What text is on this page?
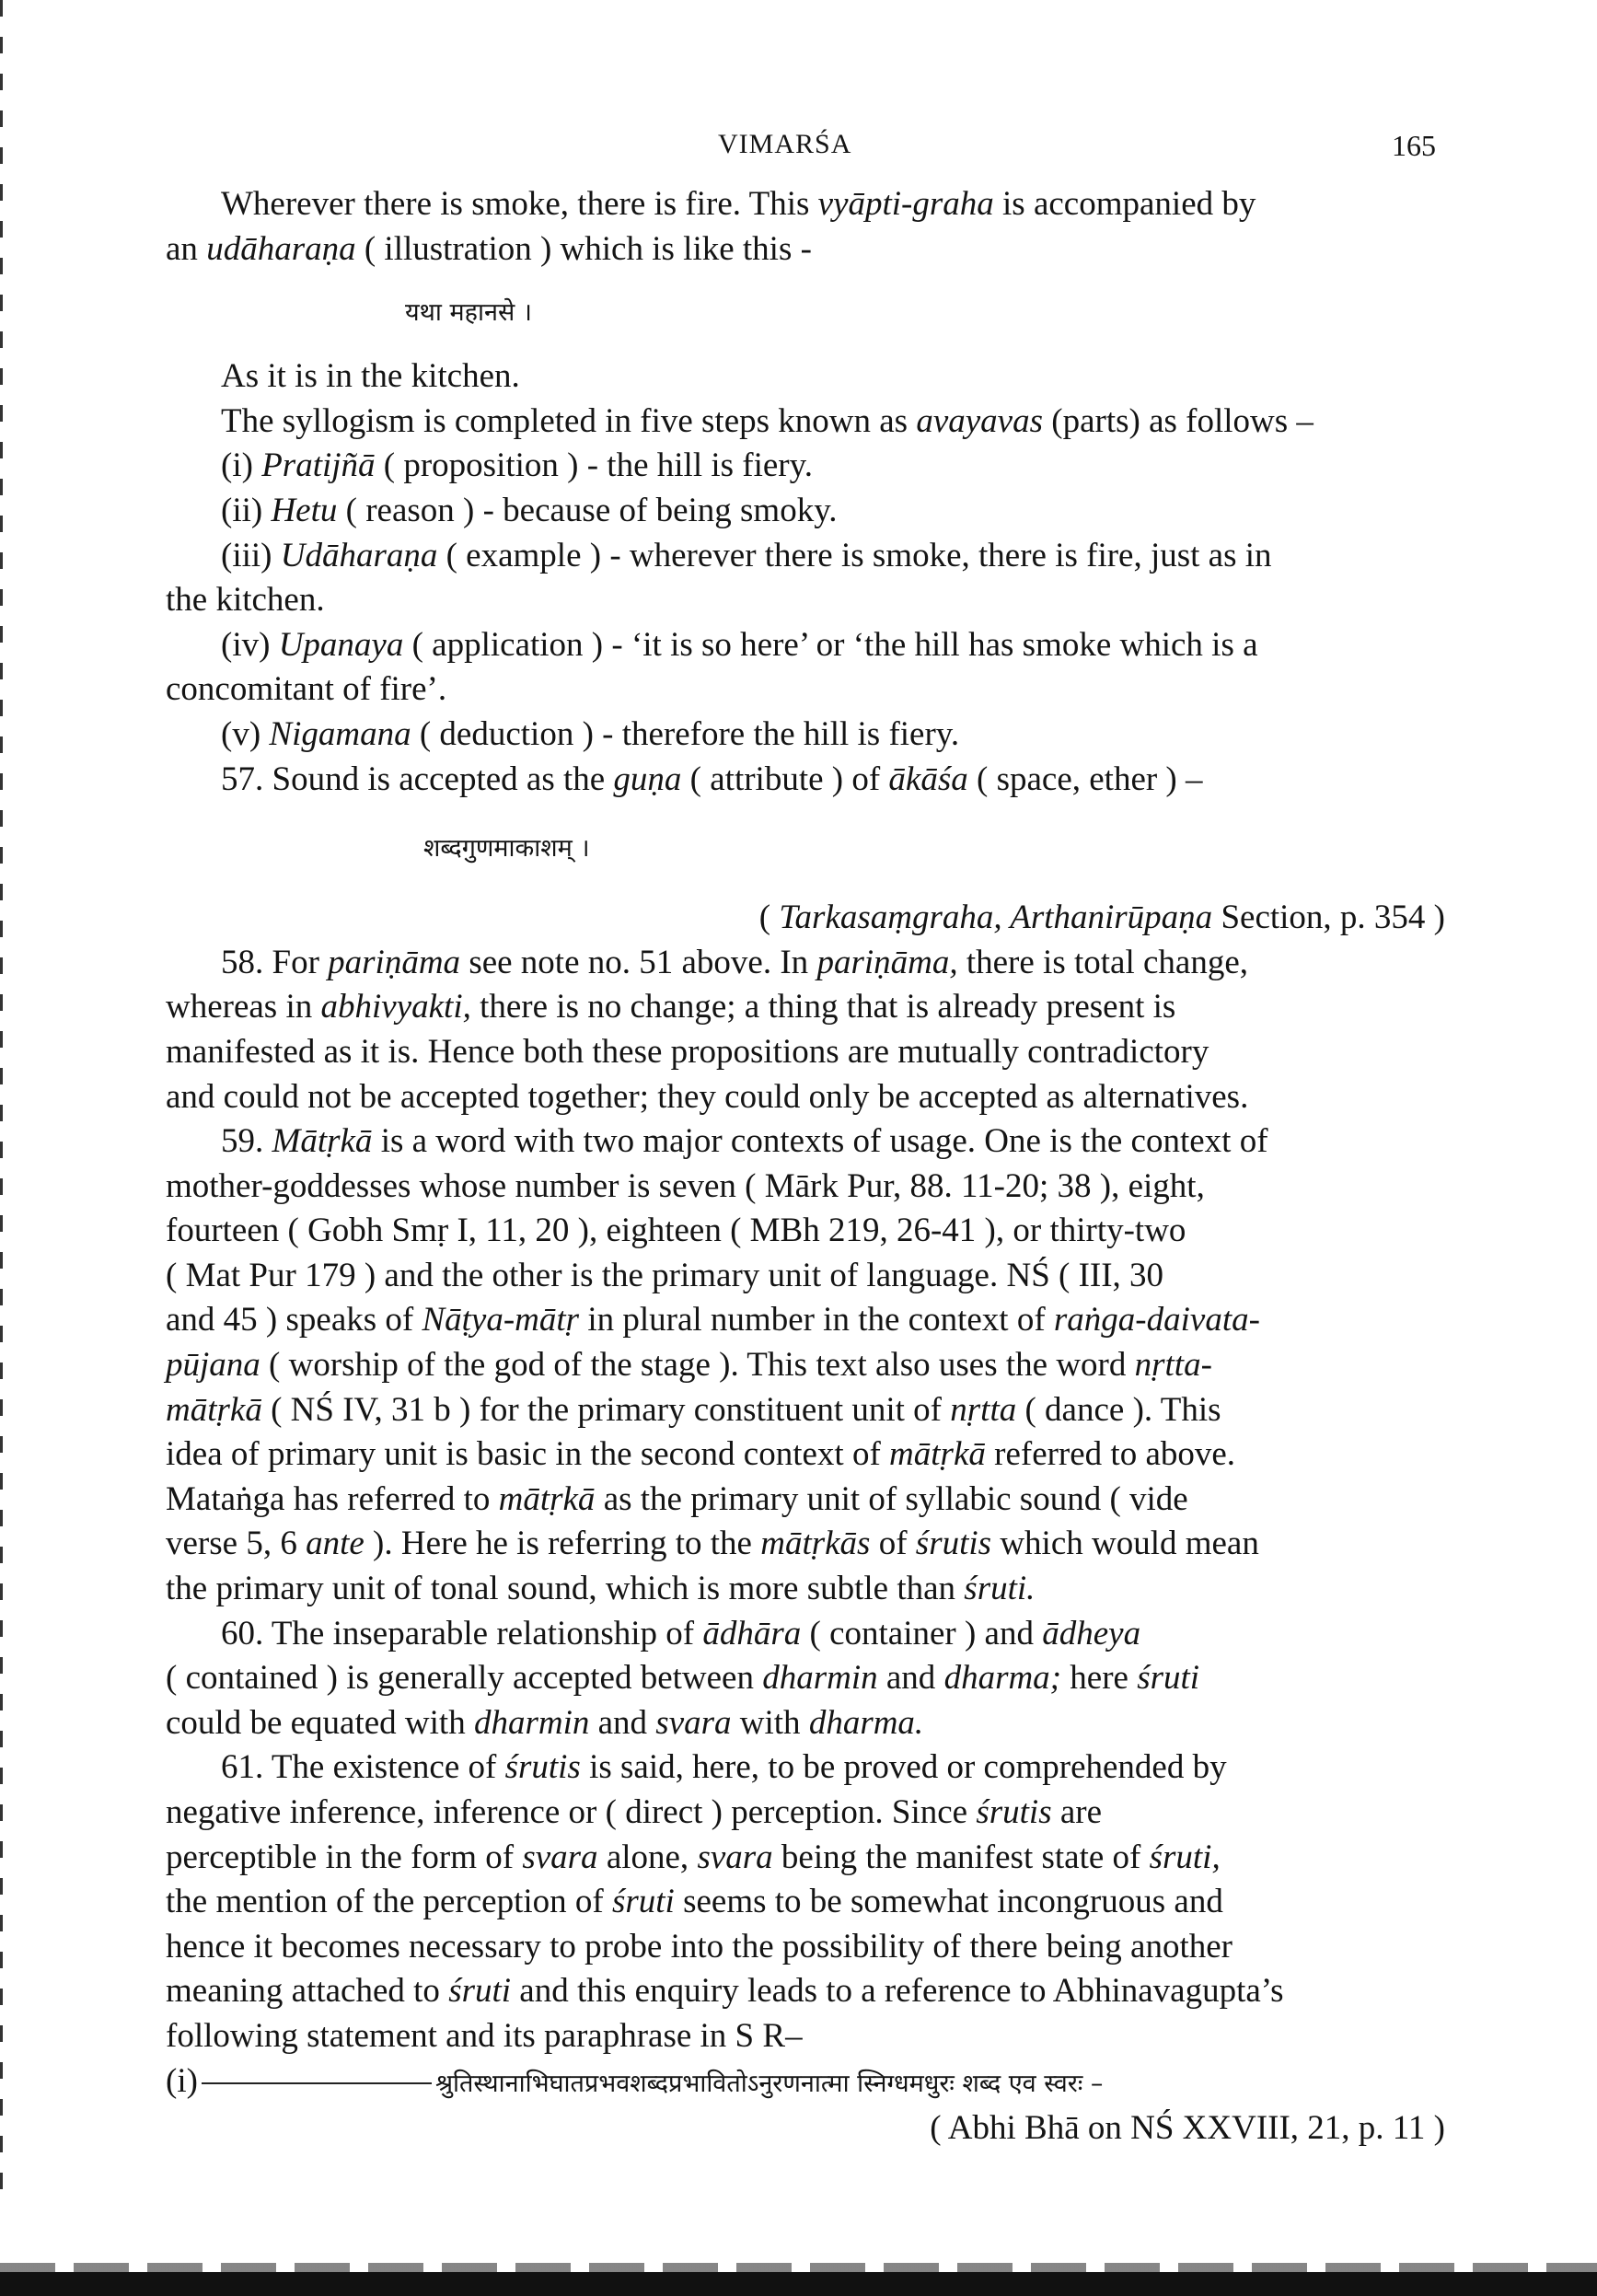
VIMARŚA	165

Wherever there is smoke, there is fire. This vyāpti-graha is accompanied by

an udāharaṇa ( illustration ) which is like this -

यथा महानसे ।

As it is in the kitchen.

The syllogism is completed in five steps known as avayavas (parts) as follows –

(i) Pratijñā ( proposition ) - the hill is fiery.

(ii) Hetu ( reason ) - because of being smoky.

(iii) Udāharaṇa ( example ) - wherever there is smoke, there is fire, just as in

the kitchen.

(iv) Upanaya ( application ) - ‘it is so here’ or ‘the hill has smoke which is a

concomitant of fire’.

(v) Nigamana ( deduction ) - therefore the hill is fiery.

57. Sound is accepted as the guṇa ( attribute ) of ākāśa ( space, ether ) –

शब्दगुणमाकाशम् ।

( Tarkasaṃgraha, Arthanirūpaṇa Section, p. 354 )

58. For pariṇāma see note no. 51 above. In pariṇāma, there is total change,

whereas in abhivyakti, there is no change; a thing that is already present is

manifested as it is. Hence both these propositions are mutually contradictory

and could not be accepted together; they could only be accepted as alternatives.

59. Mātṛkā is a word with two major contexts of usage. One is the context of

mother-goddesses whose number is seven ( Mārk Pur, 88. 11-20; 38 ), eight,

fourteen ( Gobh Smṛ I, 11, 20 ), eighteen ( MBh 219, 26-41 ), or thirty-two

( Mat Pur 179 ) and the other is the primary unit of language. NŚ ( III, 30

and 45 ) speaks of Nāṭya-mātṛ in plural number in the context of raṅga-daivata-

pūjana ( worship of the god of the stage ). This text also uses the word nṛtta-

mātṛkā ( NŚ IV, 31 b ) for the primary constituent unit of nṛtta ( dance ). This

idea of primary unit is basic in the second context of mātṛkā referred to above.

Mataṅga has referred to mātṛkā as the primary unit of syllabic sound ( vide

verse 5, 6 ante ). Here he is referring to the mātṛkās of śrutis which would mean

the primary unit of tonal sound, which is more subtle than śruti.

60. The inseparable relationship of ādhāra ( container ) and ādheya

( contained ) is generally accepted between dharmin and dharma; here śruti

could be equated with dharmin and svara with dharma.

61. The existence of śrutis is said, here, to be proved or comprehended by

negative inference, inference or ( direct ) perception. Since śrutis are

perceptible in the form of svara alone, svara being the manifest state of śruti,

the mention of the perception of śruti seems to be somewhat incongruous and

hence it becomes necessary to probe into the possibility of there being another

meaning attached to śruti and this enquiry leads to a reference to Abhinavagupta’s

following statement and its paraphrase in S R–

(i)	श्रुतिस्थानाभिघातप्रभवशब्दप्रभावितोऽनुरणनात्मा स्निग्धमधुरः शब्द एव स्वरः –

( Abhi Bhā on NŚ XXVIII, 21, p. 11 )
